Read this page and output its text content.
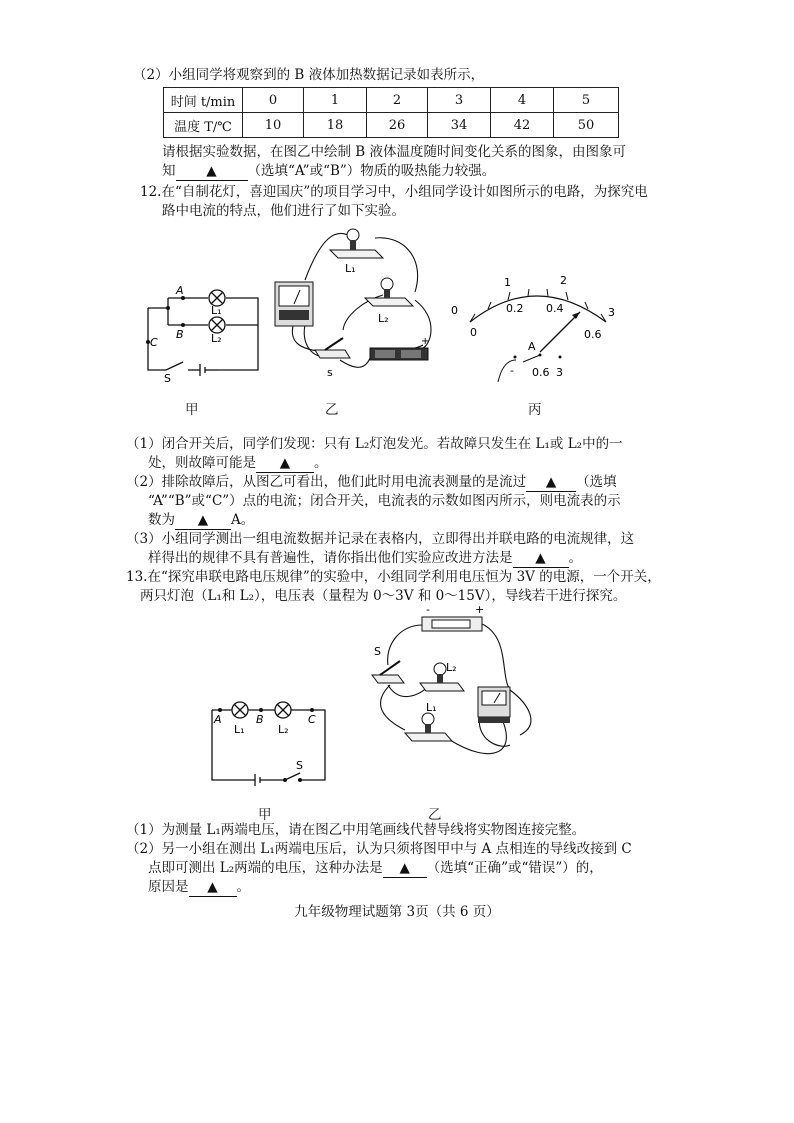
（2）小组同学将观察到的 B 液体加热数据记录如表所示，
时间 t/min	0	1	2	3	4	5
温度 T/℃	10	18	26	34	42	50
请根据实验数据，在图乙中绘制 B 液体温度随时间变化关系的图象，由图象可
知 ▲ （选填“A”或“B”）物质的吸热能力较强。
12.在“自制花灯，喜迎国庆”的项目学习中，小组同学设计如图所示的电路，为探究电
路中电流的特点，他们进行了如下实验。
A
B
C
L₁
L₂
S
L₁
L₂
s
+
0
1	2
3
0
0.2 0.4
0.6
A
- 0.6 3
甲	乙	丙
（1）闭合开关后，同学们发现：只有 L₂灯泡发光。若故障只发生在 L₁或 L₂中的一
处，则故障可能是 ▲ 。
（2）排除故障后，从图乙可看出，他们此时用电流表测量的是流过 ▲ （选填
“A”“B”或“C”）点的电流；闭合开关，电流表的示数如图丙所示，则电流表的示
数为 ▲ A。
（3）小组同学测出一组电流数据并记录在表格内，立即得出并联电路的电流规律，这
样得出的规律不具有普遍性，请你指出他们实验应改进方法是 ▲ 。
13.在“探究串联电路电压规律”的实验中，小组同学利用电压恒为 3V 的电源，一个开关，
两只灯泡（L₁和 L₂），电压表（量程为 0～3V 和 0～15V），导线若干进行探究。
A	B	C
L₁	L₂
S
-	+
S
L₂
L₁
甲	乙
（1）为测量 L₁两端电压，请在图乙中用笔画线代替导线将实物图连接完整。
（2）另一小组在测出 L₁两端电压后，认为只须将图甲中与 A 点相连的导线改接到 C
点即可测出 L₂两端的电压，这种办法是 ▲ （选填“正确”或“错误”）的，
原因是 ▲ 。
九年级物理试题第 3页（共 6 页）
